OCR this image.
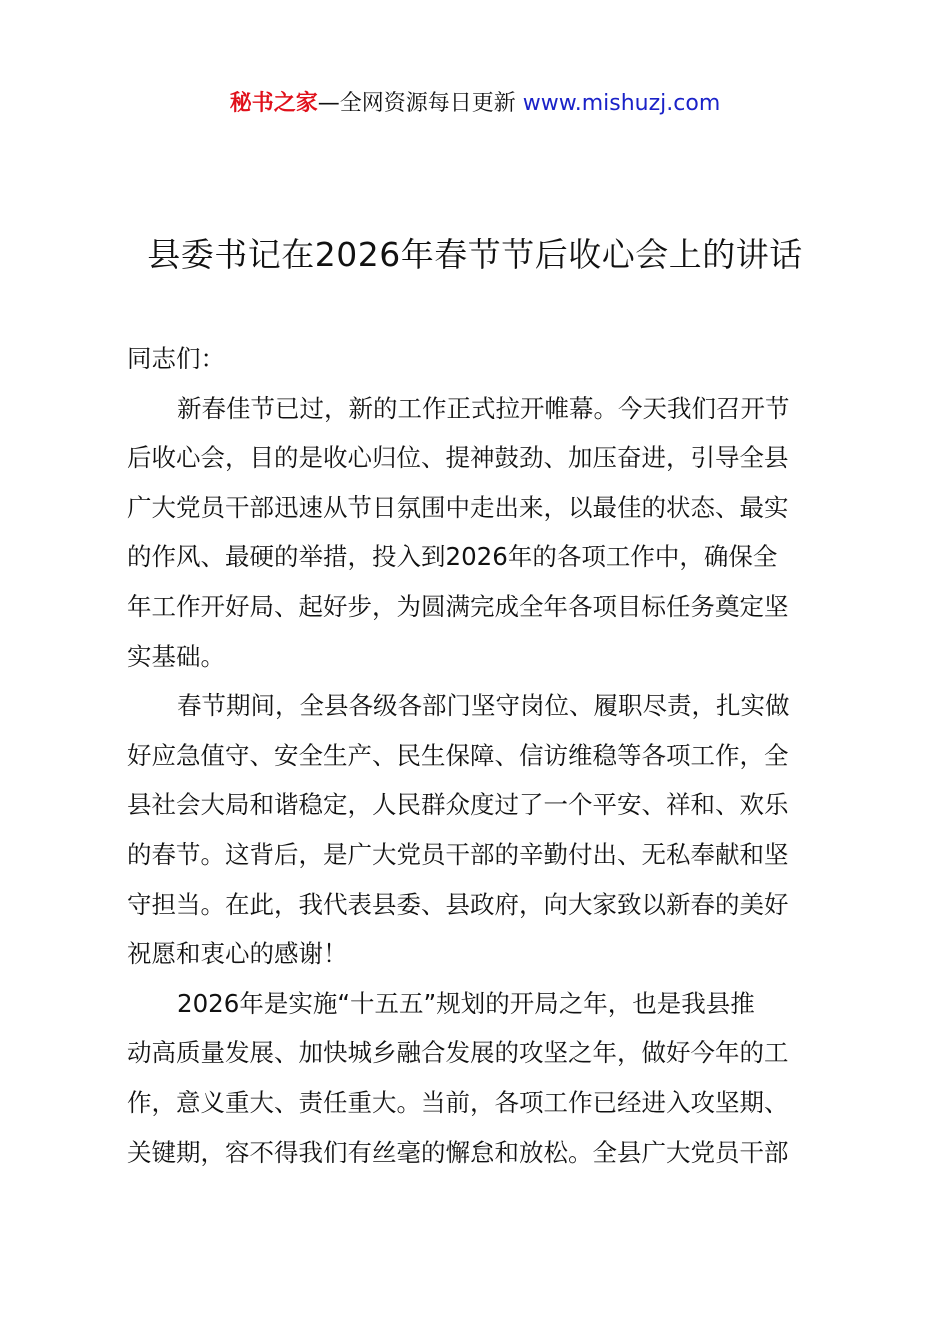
秘书之家—全网资源每日更新 www.mishuzj.com
县委书记在2026年春节节后收心会上的讲话
同志们：
新春佳节已过，新的工作正式拉开帷幕。今天我们召开节
后收心会，目的是收心归位、提神鼓劲、加压奋进，引导全县
广大党员干部迅速从节日氛围中走出来，以最佳的状态、最实
的作风、最硬的举措，投入到2026年的各项工作中，确保全
年工作开好局、起好步，为圆满完成全年各项目标任务奠定坚
实基础。
春节期间，全县各级各部门坚守岗位、履职尽责，扎实做
好应急值守、安全生产、民生保障、信访维稳等各项工作，全
县社会大局和谐稳定，人民群众度过了一个平安、祥和、欢乐
的春节。这背后，是广大党员干部的辛勤付出、无私奉献和坚
守担当。在此，我代表县委、县政府，向大家致以新春的美好
祝愿和衷心的感谢！
2026年是实施“十五五”规划的开局之年，也是我县推
动高质量发展、加快城乡融合发展的攻坚之年，做好今年的工
作，意义重大、责任重大。当前，各项工作已经进入攻坚期、
关键期，容不得我们有丝毫的懈怠和放松。全县广大党员干部
